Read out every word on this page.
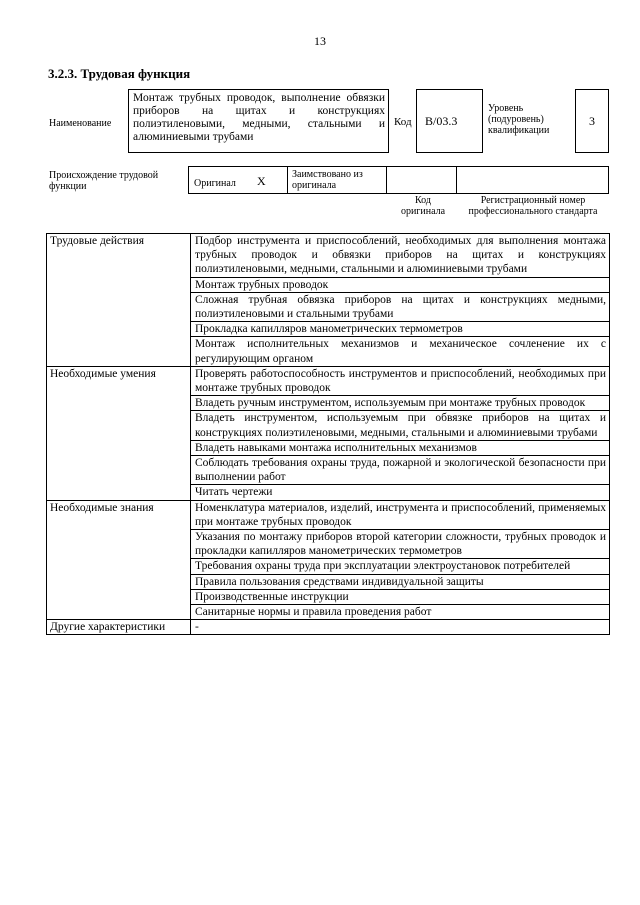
13
3.2.3. Трудовая функция
Наименование
Монтаж трубных проводок, выполнение обвязки приборов на щитах и конструкциях полиэтиленовыми, медными, стальными и алюминиевыми трубами
Код	В/03.3
Уровень (подуровень) квалификации
3
Происхождение трудовой функции	Оригинал X	Заимствовано из оригинала
Код оригинала
Регистрационный номер профессионального стандарта
Трудовые действия	Подбор инструмента и приспособлений, необходимых для выполнения монтажа трубных проводок и обвязки приборов на щитах и конструкциях полиэтиленовыми, медными, стальными и алюминиевыми трубами
	Монтаж трубных проводок
	Сложная трубная обвязка приборов на щитах и конструкциях медными, полиэтиленовыми и стальными трубами
	Прокладка капилляров манометрических термометров
	Монтаж исполнительных механизмов и механическое сочленение их с регулирующим органом
Необходимые умения	Проверять работоспособность инструментов и приспособлений, необходимых при монтаже трубных проводок
	Владеть ручным инструментом, используемым при монтаже трубных проводок
	Владеть инструментом, используемым при обвязке приборов на щитах и конструкциях полиэтиленовыми, медными, стальными и алюминиевыми трубами
	Владеть навыками монтажа исполнительных механизмов
	Соблюдать требования охраны труда, пожарной и экологической безопасности при выполнении работ
	Читать чертежи
Необходимые знания	Номенклатура материалов, изделий, инструмента и приспособлений, применяемых при монтаже трубных проводок
	Указания по монтажу приборов второй категории сложности, трубных проводок и прокладки капилляров манометрических термометров
	Требования охраны труда при эксплуатации электроустановок потребителей
	Правила пользования средствами индивидуальной защиты
	Производственные инструкции
	Санитарные нормы и правила проведения работ
Другие характеристики	-
